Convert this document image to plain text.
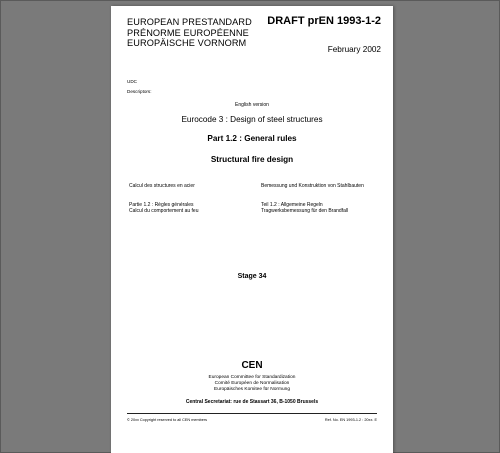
EUROPEAN PRESTANDARD
PRÉNORME EUROPÉENNE
EUROPÄISCHE VORNORM
DRAFT prEN 1993-1-2
February 2002
UDC
Descriptors:
English version
Eurocode 3 : Design of steel structures
Part 1.2 : General rules
Structural fire design
Calcul des structures en acier	Bemessung und Konstruktion von Stahlbauten
Partie 1.2 : Règles générales
Calcul du comportement au feu
Teil 1.2 : Allgemeine Regeln
Tragwerksbemessung für den Brandfall
Stage 34
CEN
European Committee for Standardization
Comité Européen de Normalisation
Europäisches Komitee für Normung
Central Secretariat: rue de Stassart 36, B-1050 Brussels
© 20xx Copyright reserved to all CEN members	Ref. No. EN 1993-1.2 : 20xx. E
